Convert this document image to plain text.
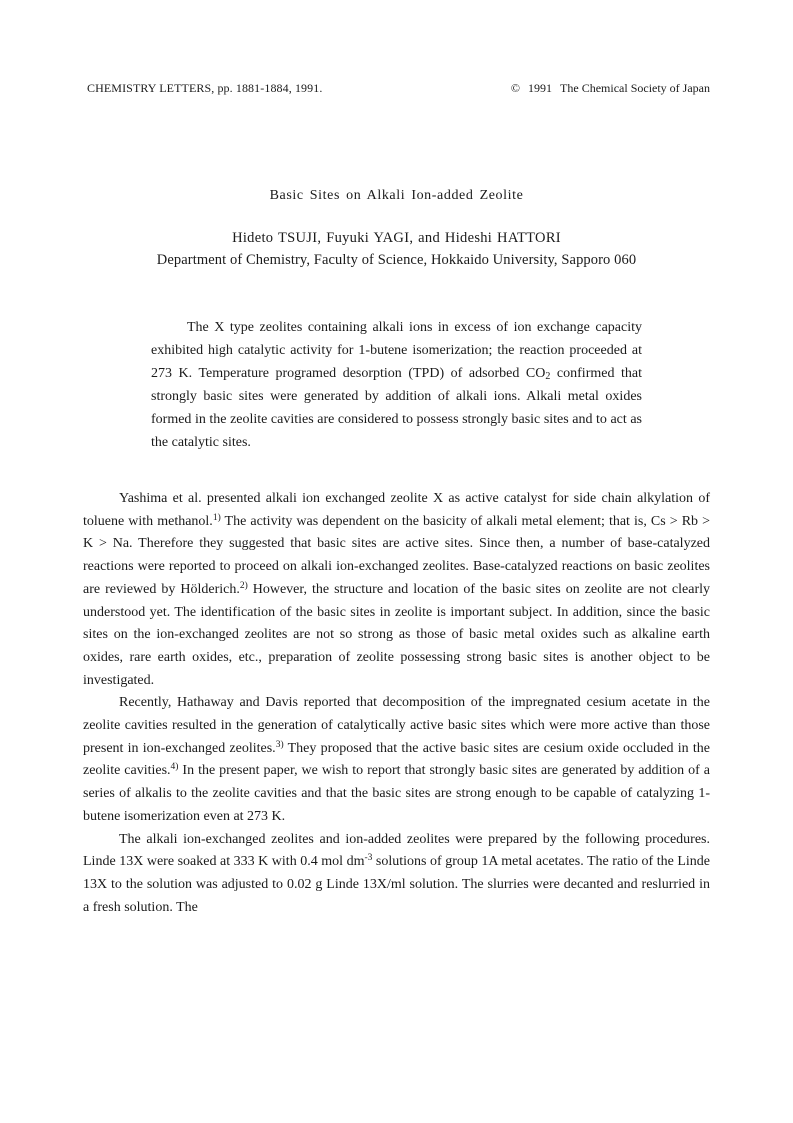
CHEMISTRY LETTERS, pp. 1881-1884, 1991.	© 1991 The Chemical Society of Japan
Basic Sites on Alkali Ion-added Zeolite
Hideto TSUJI, Fuyuki YAGI, and Hideshi HATTORI
Department of Chemistry, Faculty of Science, Hokkaido University, Sapporo 060

The X type zeolites containing alkali ions in excess of ion exchange capacity exhibited high catalytic activity for 1-butene isomerization; the reaction proceeded at 273 K. Temperature programed desorption (TPD) of adsorbed $CO_2$ confirmed that strongly basic sites were generated by addition of alkali ions. Alkali metal oxides formed in the zeolite cavities are considered to possess strongly basic sites and to act as the catalytic sites.

Yashima et al. presented alkali ion exchanged zeolite X as active catalyst for side chain alkylation of toluene with methanol.$^{1)}$ The activity was dependent on the basicity of alkali metal element; that is, Cs > Rb > K > Na. Therefore they suggested that basic sites are active sites. Since then, a number of base-catalyzed reactions were reported to proceed on alkali ion-exchanged zeolites. Base-catalyzed reactions on basic zeolites are reviewed by Hölderich.$^{2)}$ However, the structure and location of the basic sites on zeolite are not clearly understood yet. The identification of the basic sites in zeolite is important subject. In addition, since the basic sites on the ion-exchanged zeolites are not so strong as those of basic metal oxides such as alkaline earth oxides, rare earth oxides, etc., preparation of zeolite possessing strong basic sites is another object to be investigated.

Recently, Hathaway and Davis reported that decomposition of the impregnated cesium acetate in the zeolite cavities resulted in the generation of catalytically active basic sites which were more active than those present in ion-exchanged zeolites.$^{3)}$ They proposed that the active basic sites are cesium oxide occluded in the zeolite cavities.$^{4)}$ In the present paper, we wish to report that strongly basic sites are generated by addition of a series of alkalis to the zeolite cavities and that the basic sites are strong enough to be capable of catalyzing 1-butene isomerization even at 273 K.

The alkali ion-exchanged zeolites and ion-added zeolites were prepared by the following procedures. Linde 13X were soaked at 333 K with 0.4 mol $dm^{-3}$ solutions of group 1A metal acetates. The ratio of the Linde 13X to the solution was adjusted to 0.02 g Linde 13X/ml solution. The slurries were decanted and reslurried in a fresh solution. The
